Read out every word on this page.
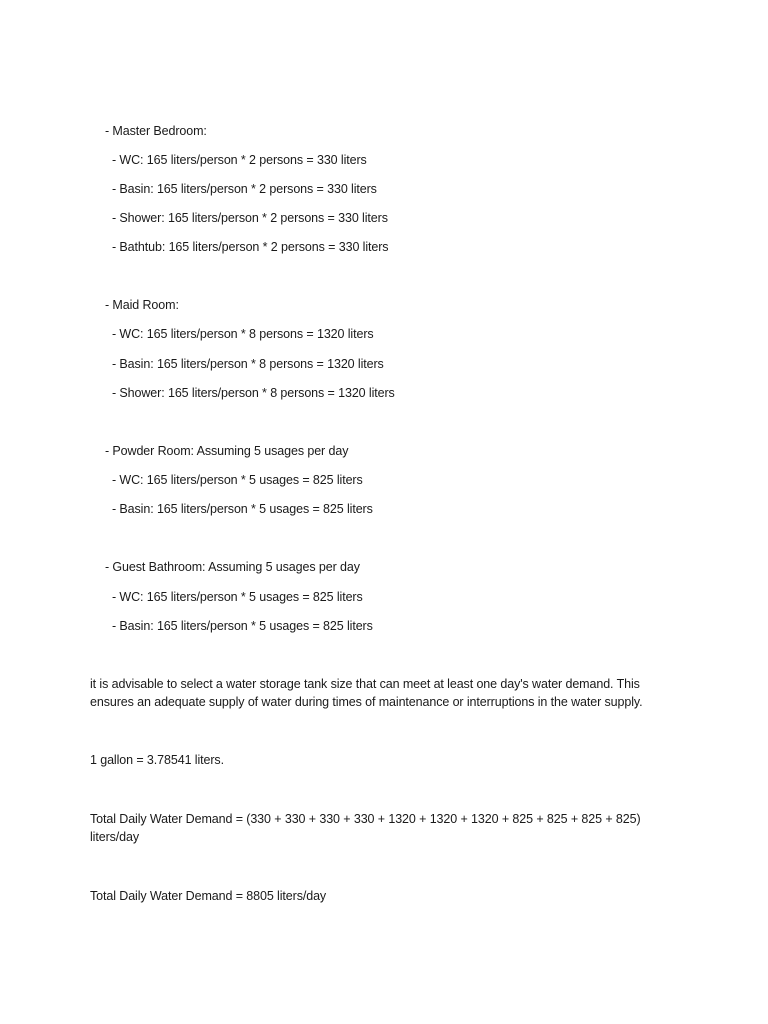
- Master Bedroom:
- WC: 165 liters/person * 2 persons = 330 liters
- Basin: 165 liters/person * 2 persons = 330 liters
- Shower: 165 liters/person * 2 persons = 330 liters
- Bathtub: 165 liters/person * 2 persons = 330 liters
- Maid Room:
- WC: 165 liters/person * 8 persons = 1320 liters
- Basin: 165 liters/person * 8 persons = 1320 liters
- Shower: 165 liters/person * 8 persons = 1320 liters
- Powder Room: Assuming 5 usages per day
- WC: 165 liters/person * 5 usages = 825 liters
- Basin: 165 liters/person * 5 usages = 825 liters
- Guest Bathroom: Assuming 5 usages per day
- WC: 165 liters/person * 5 usages = 825 liters
- Basin: 165 liters/person * 5 usages = 825 liters
it is advisable to select a water storage tank size that can meet at least one day's water demand. This ensures an adequate supply of water during times of maintenance or interruptions in the water supply.
1 gallon = 3.78541 liters.
Total Daily Water Demand = (330 + 330 + 330 + 330 + 1320 + 1320 + 1320 + 825 + 825 + 825 + 825) liters/day
Total Daily Water Demand = 8805 liters/day
